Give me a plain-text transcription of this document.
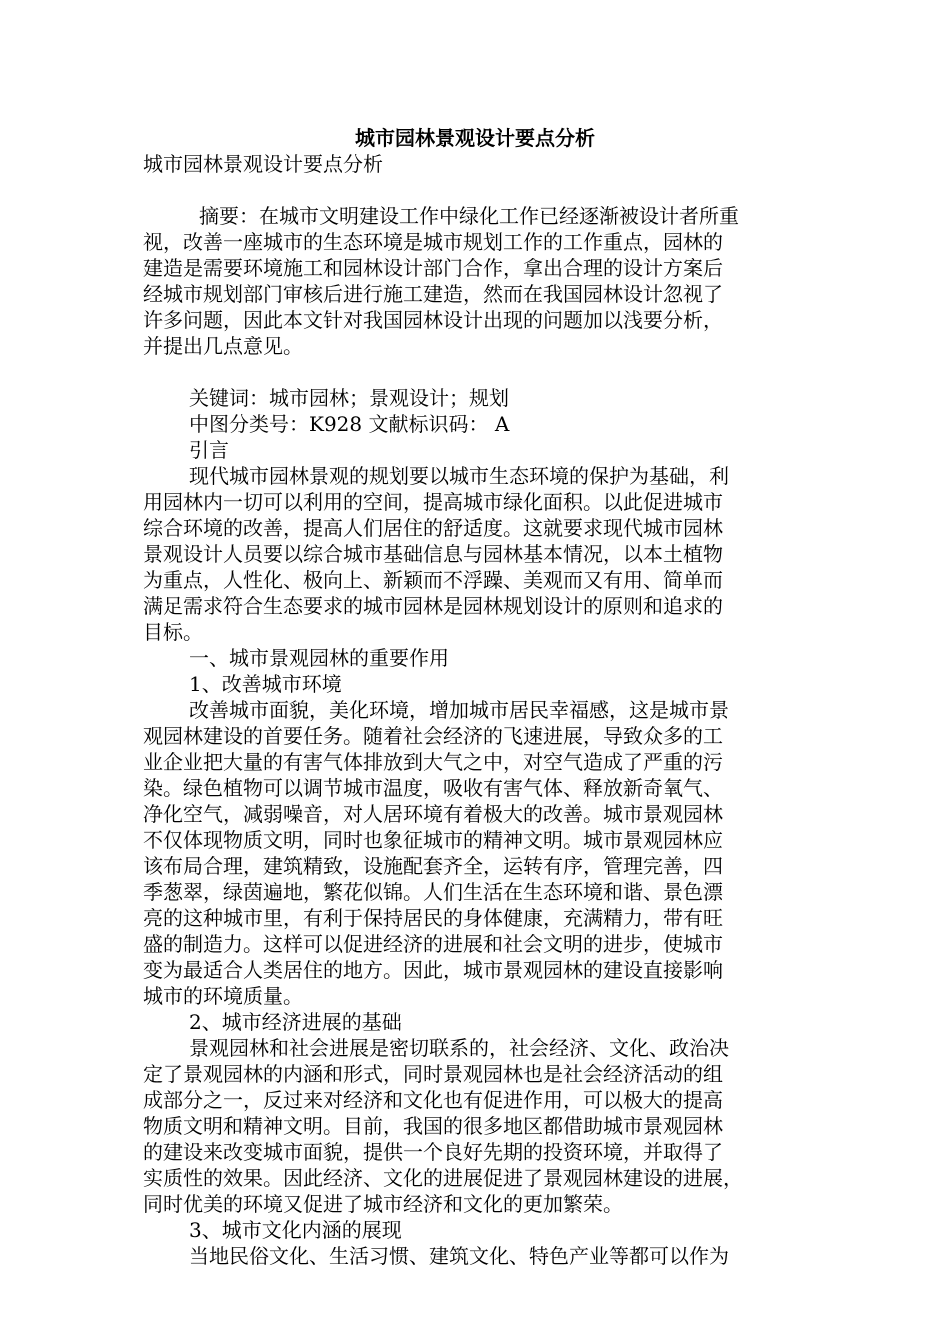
城市园林景观设计要点分析

城市园林景观设计要点分析

摘要：在城市文明建设工作中绿化工作已经逐渐被设计者所重

视，改善一座城市的生态环境是城市规划工作的工作重点，园林的

建造是需要环境施工和园林设计部门合作，拿出合理的设计方案后

经城市规划部门审核后进行施工建造，然而在我国园林设计忽视了

许多问题，因此本文针对我国园林设计出现的问题加以浅要分析，

并提出几点意见。

关键词：城市园林；景观设计；规划

中图分类号：K928 文献标识码： A

引言

现代城市园林景观的规划要以城市生态环境的保护为基础，利

用园林内一切可以利用的空间，提高城市绿化面积。以此促进城市

综合环境的改善，提高人们居住的舒适度。这就要求现代城市园林

景观设计人员要以综合城市基础信息与园林基本情况，以本土植物

为重点，人性化、极向上、新颖而不浮躁、美观而又有用、简单而

满足需求符合生态要求的城市园林是园林规划设计的原则和追求的

目标。

一、城市景观园林的重要作用

1、改善城市环境

改善城市面貌，美化环境，增加城市居民幸福感，这是城市景

观园林建设的首要任务。随着社会经济的飞速进展，导致众多的工

业企业把大量的有害气体排放到大气之中，对空气造成了严重的污

染。绿色植物可以调节城市温度，吸收有害气体、释放新奇氧气、

净化空气，减弱噪音，对人居环境有着极大的改善。城市景观园林

不仅体现物质文明，同时也象征城市的精神文明。城市景观园林应

该布局合理，建筑精致，设施配套齐全，运转有序，管理完善，四

季葱翠，绿茵遍地，繁花似锦。人们生活在生态环境和谐、景色漂

亮的这种城市里，有利于保持居民的身体健康，充满精力，带有旺

盛的制造力。这样可以促进经济的进展和社会文明的进步，使城市

变为最适合人类居住的地方。因此，城市景观园林的建设直接影响

城市的环境质量。

2、城市经济进展的基础

景观园林和社会进展是密切联系的，社会经济、文化、政治决

定了景观园林的内涵和形式，同时景观园林也是社会经济活动的组

成部分之一，反过来对经济和文化也有促进作用，可以极大的提高

物质文明和精神文明。目前，我国的很多地区都借助城市景观园林

的建设来改变城市面貌，提供一个良好先期的投资环境，并取得了

实质性的效果。因此经济、文化的进展促进了景观园林建设的进展，

同时优美的环境又促进了城市经济和文化的更加繁荣。

3、城市文化内涵的展现

当地民俗文化、生活习惯、建筑文化、特色产业等都可以作为
